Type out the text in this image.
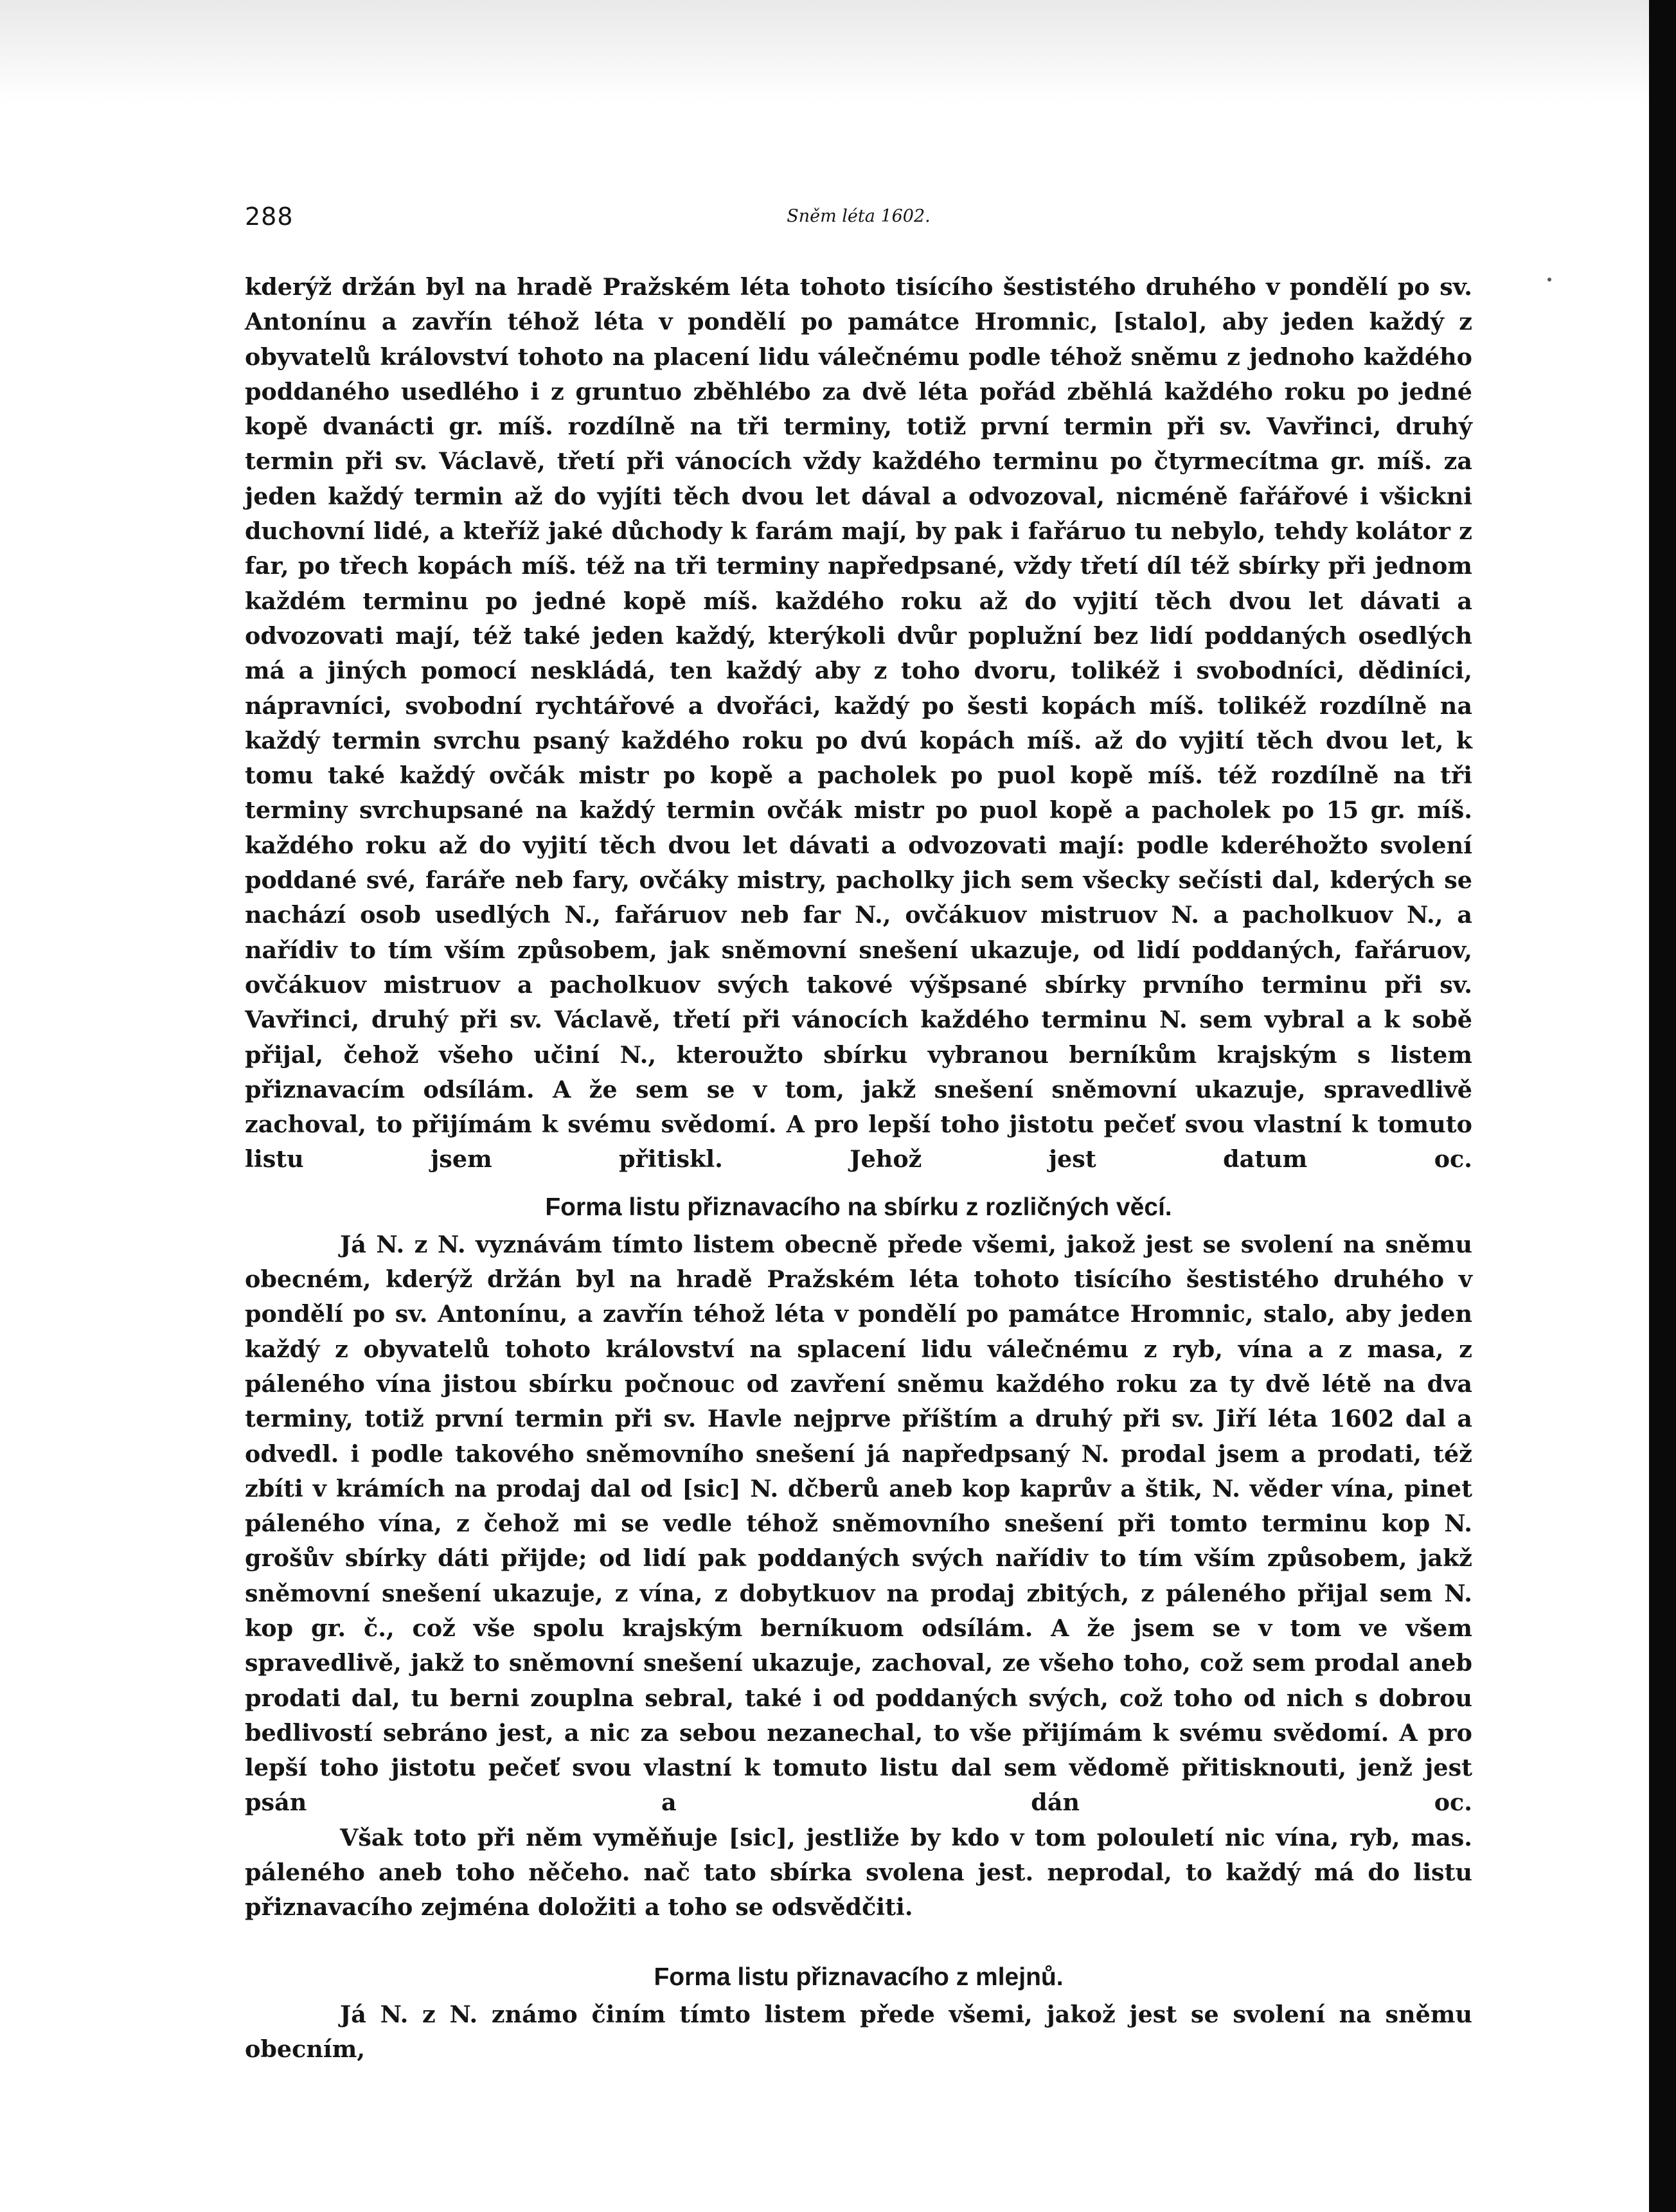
288	Sněm léta 1602.

kderýž držán byl na hradě Pražském léta tohoto tisícího šestistého druhého v pondělí po sv. Antonínu a zavřín téhož léta v pondělí po památce Hromnic, [stalo], aby jeden každý z obyvatelů království tohoto na placení lidu válečnému podle téhož sněmu z jednoho každého poddaného usedlého i z gruntuo zběhlébo za dvě léta pořád zběhlá každého roku po jedné kopě dvanácti gr. míš. rozdílně na tři terminy, totiž první termin při sv. Vavřinci, druhý termin při sv. Václavě, třetí při vánocích vždy každého terminu po čtyrmecítma gr. míš. za jeden každý termin až do vyjíti těch dvou let dával a odvozoval, nicméně fařářové i všickni duchovní lidé, a kteříž jaké důchody k farám mají, by pak i fařáruo tu nebylo, tehdy kolátor z far, po třech kopách míš. též na tři terminy napředpsané, vždy třetí díl též sbírky při jednom každém terminu po jedné kopě míš. každého roku až do vyjití těch dvou let dávati a odvozovati mají, též také jeden každý, kterýkoli dvůr poplužní bez lidí poddaných osedlých má a jiných pomocí neskládá, ten každý aby z toho dvoru, tolikéž i svobodníci, dědiníci, nápravníci, svobodní rychtářové a dvořáci, každý po šesti kopách míš. tolikéž rozdílně na každý termin svrchu psaný každého roku po dvú kopách míš. až do vyjití těch dvou let, k tomu také každý ovčák mistr po kopě a pacholek po puol kopě míš. též rozdílně na tři terminy svrchupsané na každý termin ovčák mistr po puol kopě a pacholek po 15 gr. míš. každého roku až do vyjití těch dvou let dávati a odvozovati mají: podle kderéhožto svolení poddané své, faráře neb fary, ovčáky mistry, pacholky jich sem všecky sečísti dal, kderých se nachází osob usedlých N., fařáruov neb far N., ovčákuov mistruov N. a pacholkuov N., a nařídiv to tím vším způsobem, jak sněmovní snešení ukazuje, od lidí poddaných, fařáruov, ovčákuov mistruov a pacholkuov svých takové výšpsané sbírky prvního terminu při sv. Vavřinci, druhý při sv. Václavě, třetí při vánocích každého terminu N. sem vybral a k sobě přijal, čehož všeho učiní N., kteroužto sbírku vybranou berníkům krajským s listem přiznavacím odsílám. A že sem se v tom, jakž snešení sněmovní ukazuje, spravedlivě zachoval, to přijímám k svému svědomí. A pro lepší toho jistotu pečeť svou vlastní k tomuto listu jsem přitiskl. Jehož jest datum oc.

Forma listu přiznavacího na sbírku z rozličných věcí.

Já N. z N. vyznávám tímto listem obecně přede všemi, jakož jest se svolení na sněmu obecném, kderýž držán byl na hradě Pražském léta tohoto tisícího šestistého druhého v pondělí po sv. Antonínu, a zavřín téhož léta v pondělí po památce Hromnic, stalo, aby jeden každý z obyvatelů tohoto království na splacení lidu válečnému z ryb, vína a z masa, z páleného vína jistou sbírku počnouc od zavření sněmu každého roku za ty dvě létě na dva terminy, totiž první termin při sv. Havle nejprve příštím a druhý při sv. Jiří léta 1602 dal a odvedl. i podle takového sněmovního snešení já napředpsaný N. prodal jsem a prodati, též zbíti v krámích na prodaj dal od [sic] N. dčberů aneb kop kaprův a štik, N. věder vína, pinet páleného vína, z čehož mi se vedle téhož sněmovního snešení při tomto terminu kop N. grošův sbírky dáti přijde; od lidí pak poddaných svých nařídiv to tím vším způsobem, jakž sněmovní snešení ukazuje, z vína, z dobytkuov na prodaj zbitých, z páleného přijal sem N. kop gr. č., což vše spolu krajským berníkuom odsílám. A že jsem se v tom ve všem spravedlivě, jakž to sněmovní snešení ukazuje, zachoval, ze všeho toho, což sem prodal aneb prodati dal, tu berni zouplna sebral, také i od poddaných svých, což toho od nich s dobrou bedlivostí sebráno jest, a nic za sebou nezanechal, to vše přijímám k svému svědomí. A pro lepší toho jistotu pečeť svou vlastní k tomuto listu dal sem vědomě přitisknouti, jenž jest psán a dán oc.

Však toto při něm vyměňuje [sic], jestliže by kdo v tom polouletí nic vína, ryb, mas. páleného aneb toho něčeho. nač tato sbírka svolena jest. neprodal, to každý má do listu přiznavacího zejména doložiti a toho se odsvědčiti.

Forma listu přiznavacího z mlejnů.

Já N. z N. známo činím tímto listem přede všemi, jakož jest se svolení na sněmu obecním,
